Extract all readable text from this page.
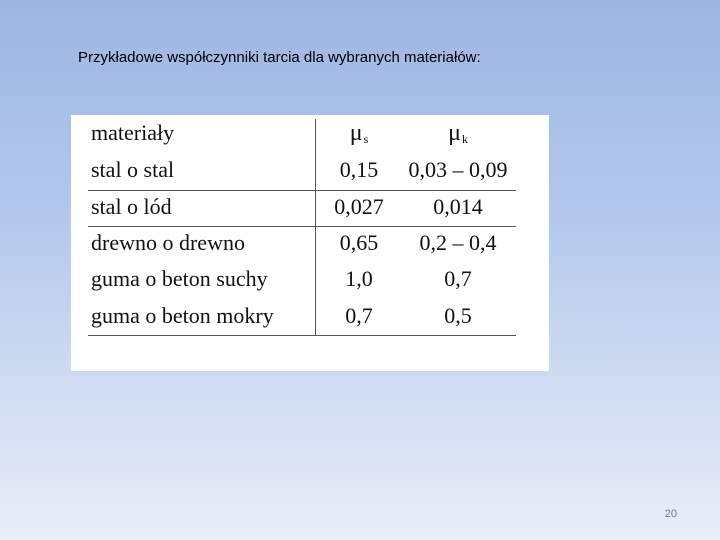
Przykładowe współczynniki tarcia dla wybranych materiałów:
materiały	μs	μk
stal o stal	0,15	0,03 – 0,09
stal o lód	0,027	0,014
drewno o drewno	0,65	0,2 – 0,4
guma o beton suchy	1,0	0,7
guma o beton mokry	0,7	0,5
20
